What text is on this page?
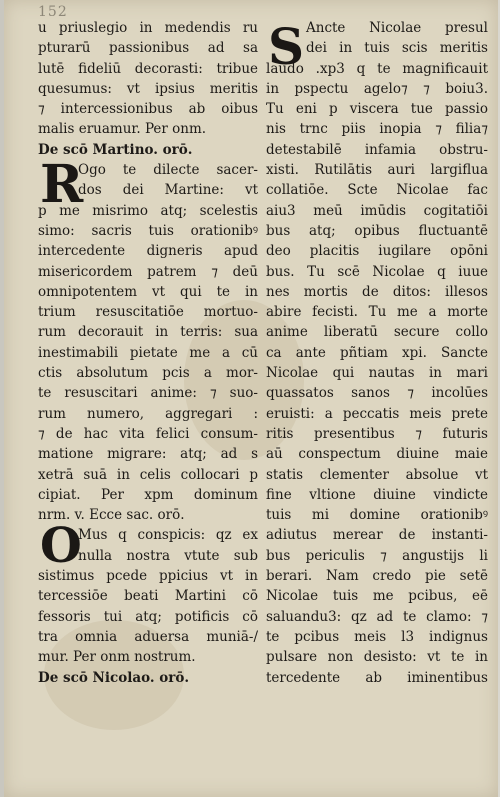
152
u priuslegio in medendis ru
pturarū passionibus ad sa
lutē fideliū decorasti: tribue
quesumus: vt ipsius meritis
⁊ intercessionibus ab oibus
malis eruamur. Per onm.
De scō Martino. orō.
Ogo te dilecte sacer-
dos dei Martine: vt
p me misrimo atq; scelestis
simo: sacris tuis orationibꝰ
intercedente digneris apud
misericordem patrem ⁊ deū
omnipotentem vt qui te in
trium resuscitatiōe mortuo-
rum decorauit in terris: sua
inestimabili pietate me a cū
ctis absolutum pcis a mor-
te resuscitari anime: ⁊ suo-
rum numero, aggregari :
⁊ de hac vita felici consum-
matione migrare: atq; ad s
xetrā suā in celis collocari p
cipiat. Per xpm dominum
nrm. v. Ecce sac. orō.
Mus q conspicis: qz ex
nulla nostra vtute sub
sistimus pcede ppicius vt in
tercessiōe beati Martini cō
fessoris tui atq; potificis cō
tra omnia aduersa muniā-/
mur. Per onm nostrum.
De scō Nicolao. orō.
R
O
Ancte Nicolae presul
dei in tuis scis meritis
laudo .xp3 q te magnificauit
in pspectu agelo⁊ ⁊ boiu3.
Tu eni p viscera tue passio
nis trnc piis inopia ⁊ filia⁊
detestabilē infamia obstru-
xisti. Rutilātis auri largiflua
collatiōe. Scte Nicolae fac
aiu3 meū imūdis cogitatiōi
bus atq; opibus fluctuantē
deo placitis iugilare opōni
bus. Tu scē Nicolae q iuue
nes mortis de ditos: illesos
abire fecisti. Tu me a morte
anime liberatū secure collo
ca ante pñtiam xpi. Sancte
Nicolae qui nautas in mari
quassatos sanos ⁊ incolūes
eruisti: a peccatis meis prete
ritis presentibus ⁊ futuris
aū conspectum diuine maie
statis clementer absolue vt
fine vltione diuine vindicte
tuis mi domine orationibꝰ
adiutus merear de instanti-
bus periculis ⁊ angustijs li
berari. Nam credo pie setē
Nicolae tuis me pcibus, eē
saluandu3: qz ad te clamo: ⁊
te pcibus meis l3 indignus
pulsare non desisto: vt te in
tercedente ab iminentibus
S
